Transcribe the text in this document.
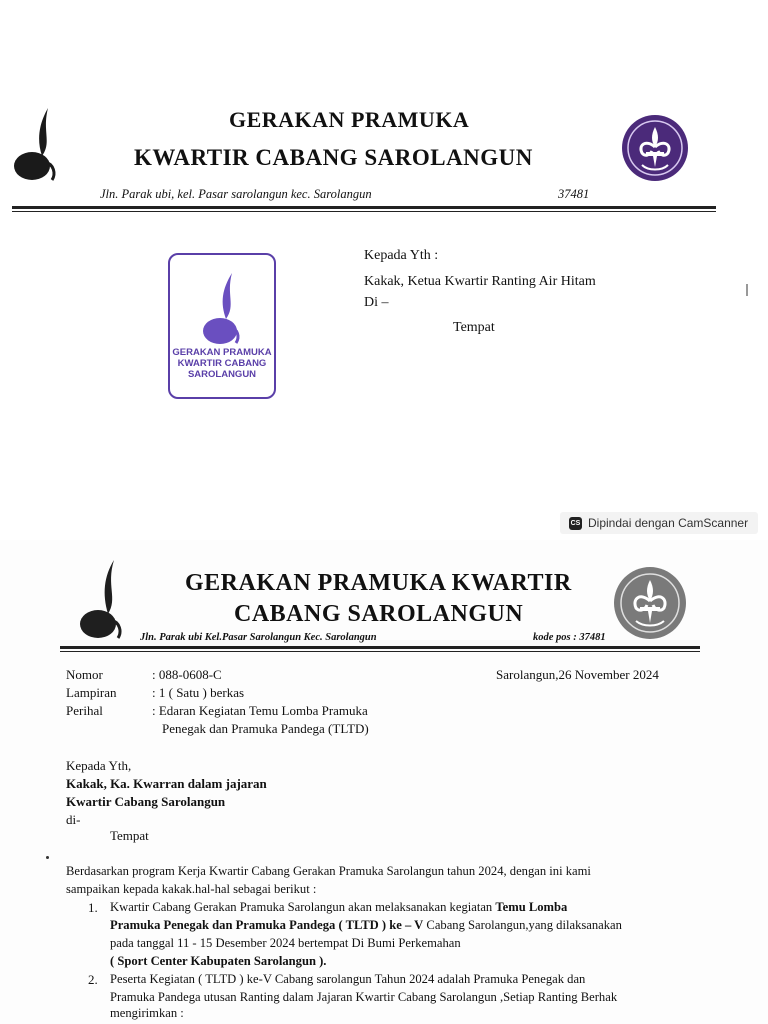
GERAKAN PRAMUKA
KWARTIR CABANG SAROLANGUN
Jln. Parak ubi, kel. Pasar sarolangun kec. Sarolangun	37481
GERAKAN PRAMUKA
KWARTIR CABANG
SAROLANGUN
Kepada Yth :
Kakak, Ketua Kwartir Ranting Air Hitam
Di –
Tempat
CS Dipindai dengan CamScanner
GERAKAN PRAMUKA KWARTIR
CABANG SAROLANGUN
Jln. Parak ubi Kel.Pasar Sarolangun Kec. Sarolangun	kode pos : 37481
Nomor	: 088-0608-C	Sarolangun,26 November 2024
Lampiran	: 1 ( Satu ) berkas
Perihal	: Edaran Kegiatan Temu Lomba Pramuka
Penegak dan Pramuka Pandega (TLTD)
Kepada Yth,
Kakak, Ka. Kwarran dalam jajaran
Kwartir Cabang Sarolangun
di-
Tempat
Berdasarkan program Kerja Kwartir Cabang Gerakan Pramuka Sarolangun tahun 2024, dengan ini kami
sampaikan kepada kakak.hal-hal sebagai berikut :
1. Kwartir Cabang Gerakan Pramuka Sarolangun akan melaksanakan kegiatan Temu Lomba
Pramuka Penegak dan Pramuka Pandega ( TLTD ) ke – V Cabang Sarolangun,yang dilaksanakan
pada tanggal 11 - 15 Desember 2024 bertempat Di Bumi Perkemahan
( Sport Center Kabupaten Sarolangun ).
2. Peserta Kegiatan ( TLTD ) ke-V Cabang sarolangun Tahun 2024 adalah Pramuka Penegak dan
Pramuka Pandega utusan Ranting dalam Jajaran Kwartir Cabang Sarolangun ,Setiap Ranting Berhak
mengirimkan :
